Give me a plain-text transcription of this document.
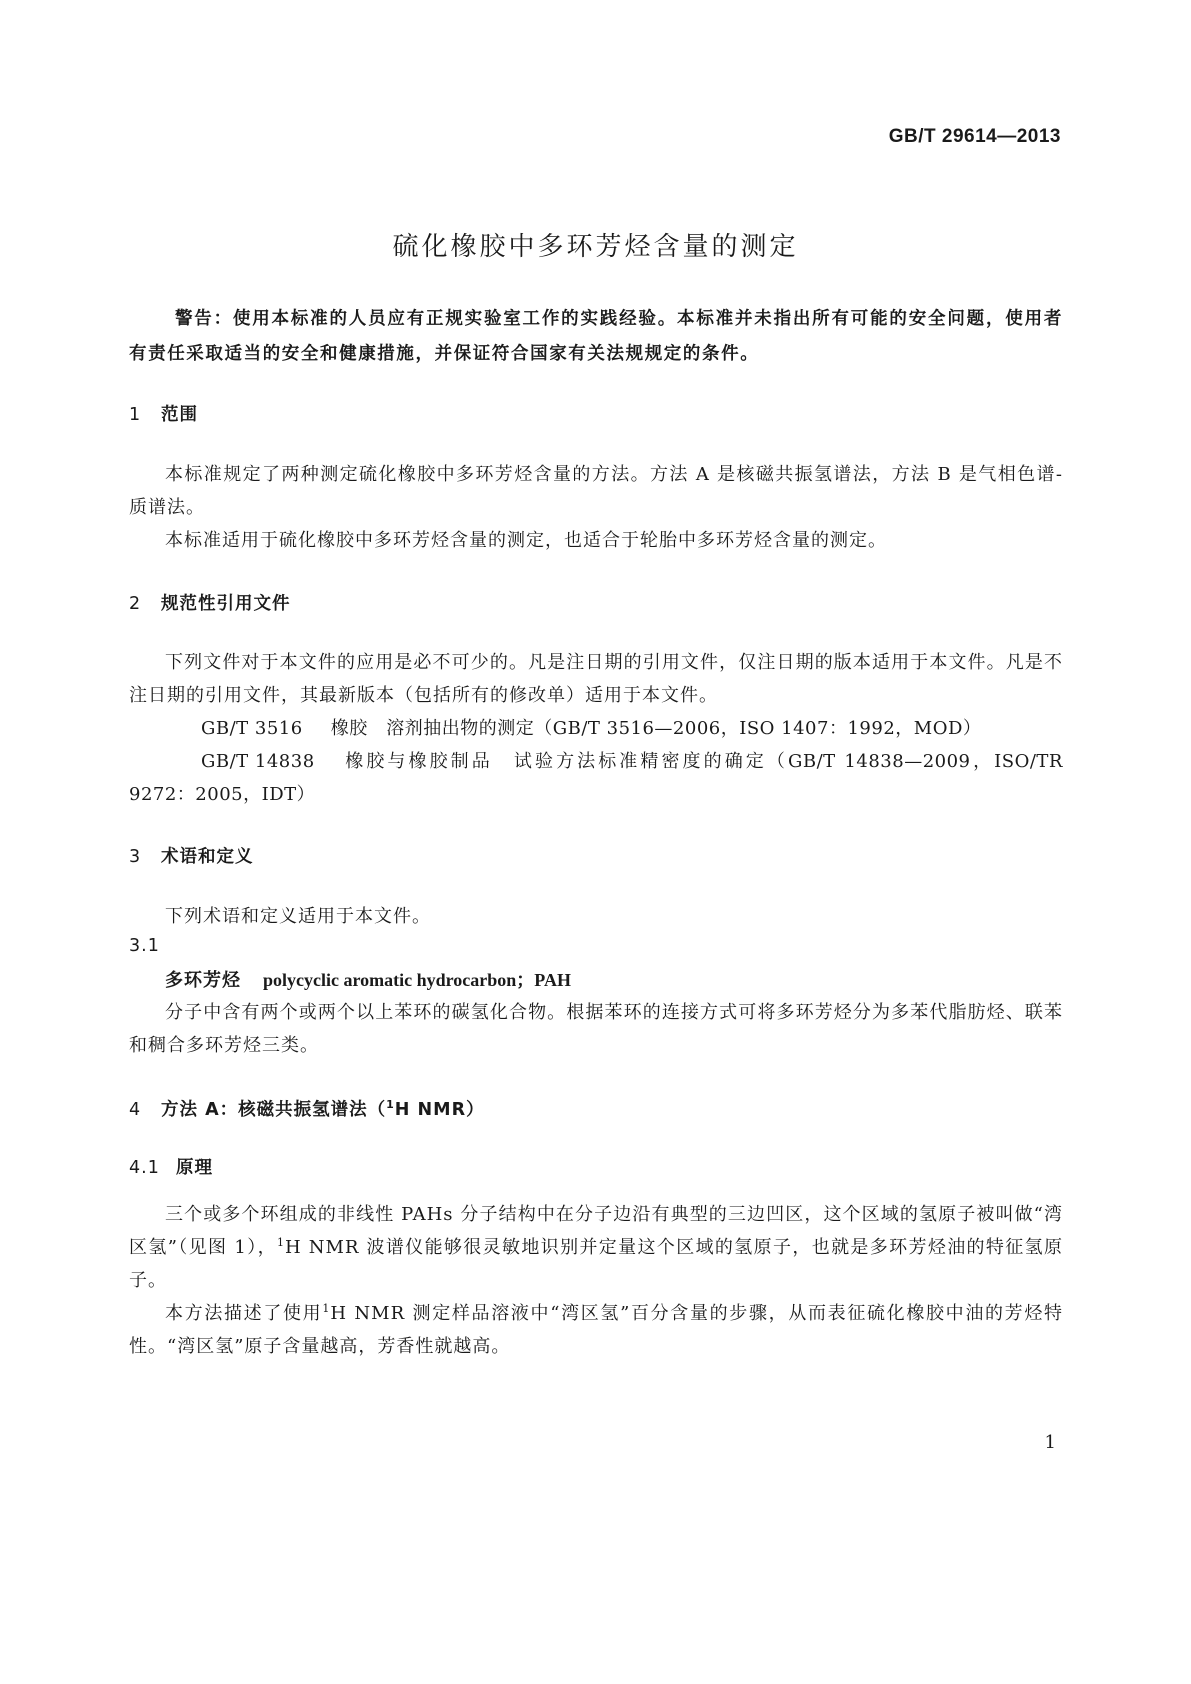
GB/T 29614—2013
硫化橡胶中多环芳烃含量的测定

警告：使用本标准的人员应有正规实验室工作的实践经验。本标准并未指出所有可能的安全问题，使用者有责任采取适当的安全和健康措施，并保证符合国家有关法规规定的条件。

1 范围

本标准规定了两种测定硫化橡胶中多环芳烃含量的方法。方法 A 是核磁共振氢谱法，方法 B 是气相色谱-质谱法。

本标准适用于硫化橡胶中多环芳烃含量的测定，也适合于轮胎中多环芳烃含量的测定。

2 规范性引用文件

下列文件对于本文件的应用是必不可少的。凡是注日期的引用文件，仅注日期的版本适用于本文件。凡是不注日期的引用文件，其最新版本（包括所有的修改单）适用于本文件。

GB/T 3516 橡胶　溶剂抽出物的测定（GB/T 3516—2006，ISO 1407：1992，MOD）

GB/T 14838 橡胶与橡胶制品　试验方法标准精密度的确定（GB/T 14838—2009，ISO/TR 9272：2005，IDT）

3 术语和定义

下列术语和定义适用于本文件。

3.1

多环芳烃 polycyclic aromatic hydrocarbon；PAH

分子中含有两个或两个以上苯环的碳氢化合物。根据苯环的连接方式可将多环芳烃分为多苯代脂肪烃、联苯和稠合多环芳烃三类。

4 方法 A：核磁共振氢谱法（$^1$H NMR）
4.1 原理

三个或多个环组成的非线性 PAHs 分子结构中在分子边沿有典型的三边凹区，这个区域的氢原子被叫做“湾区氢”（见图 1），$^1$H NMR 波谱仪能够很灵敏地识别并定量这个区域的氢原子，也就是多环芳烃油的特征氢原子。

本方法描述了使用$^1$H NMR 测定样品溶液中“湾区氢”百分含量的步骤，从而表征硫化橡胶中油的芳烃特性。“湾区氢”原子含量越高，芳香性就越高。

1
